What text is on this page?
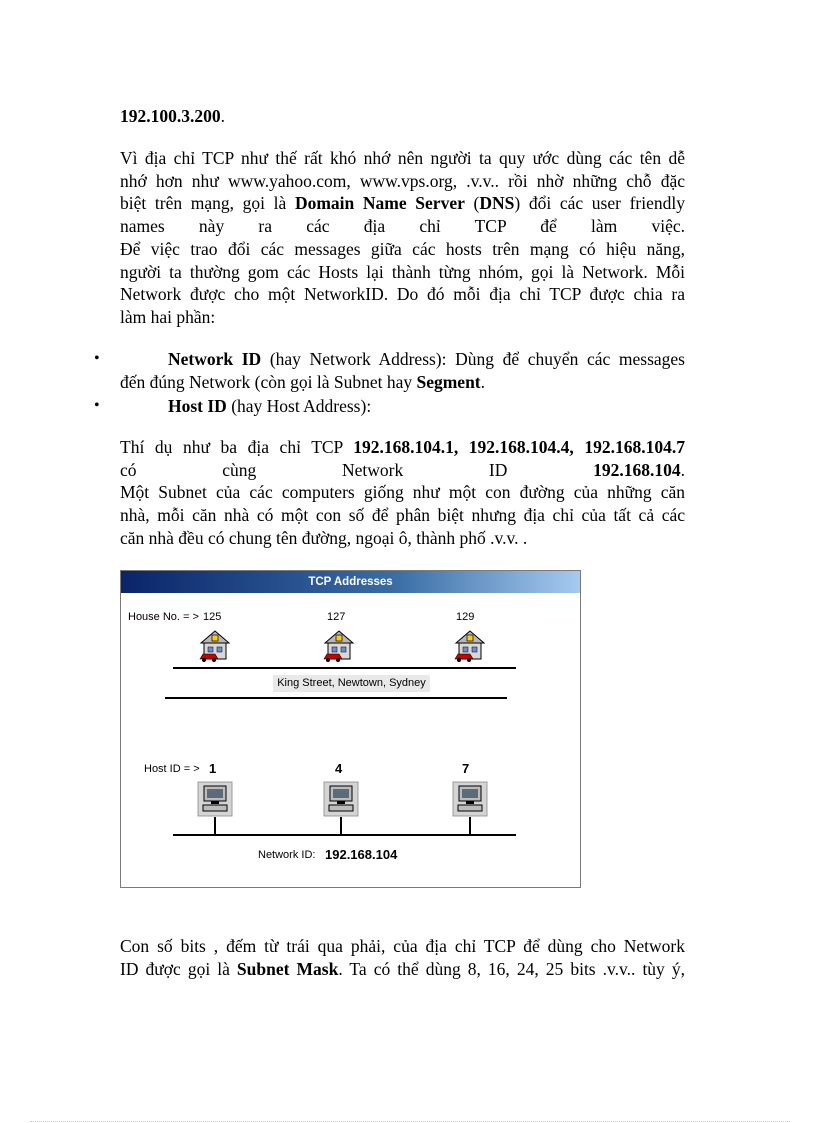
192.100.3.200.
Vì địa chỉ TCP như thế rất khó nhớ nên người ta quy ước dùng các tên dễ
nhớ hơn như www.yahoo.com, www.vps.org, .v.v.. rồi nhờ những chỗ đặc
biệt trên mạng, gọi là Domain Name Server (DNS) đổi các user friendly
names này ra các địa chỉ TCP để làm việc.
Để việc trao đổi các messages giữa các hosts trên mạng có hiệu năng,
người ta thường gom các Hosts lại thành từng nhóm, gọi là Network. Mỗi
Network được cho một NetworkID. Do đó mỗi địa chỉ TCP được chia ra
làm hai phần:
•	Network ID (hay Network Address): Dùng để chuyển các messages
đến đúng Network (còn gọi là Subnet hay Segment.
•	Host ID (hay Host Address):
Thí dụ như ba địa chỉ TCP 192.168.104.1, 192.168.104.4, 192.168.104.7
có cùng Network ID	192.168.104.
Một Subnet của các computers giống như một con đường của những căn
nhà, mỗi căn nhà có một con số để phân biệt nhưng địa chỉ của tất cả các
căn nhà đều có chung tên đường, ngoại ô, thành phố .v.v. .
TCP Addresses
House No. = > 125	127	129
King Street, Newtown, Sydney
Host ID = > 1	4	7
Network ID: 192.168.104
Con số bits , đếm từ trái qua phải, của địa chỉ TCP để dùng cho Network
ID được gọi là Subnet Mask. Ta có thể dùng 8, 16, 24, 25 bits .v.v.. tùy ý,
